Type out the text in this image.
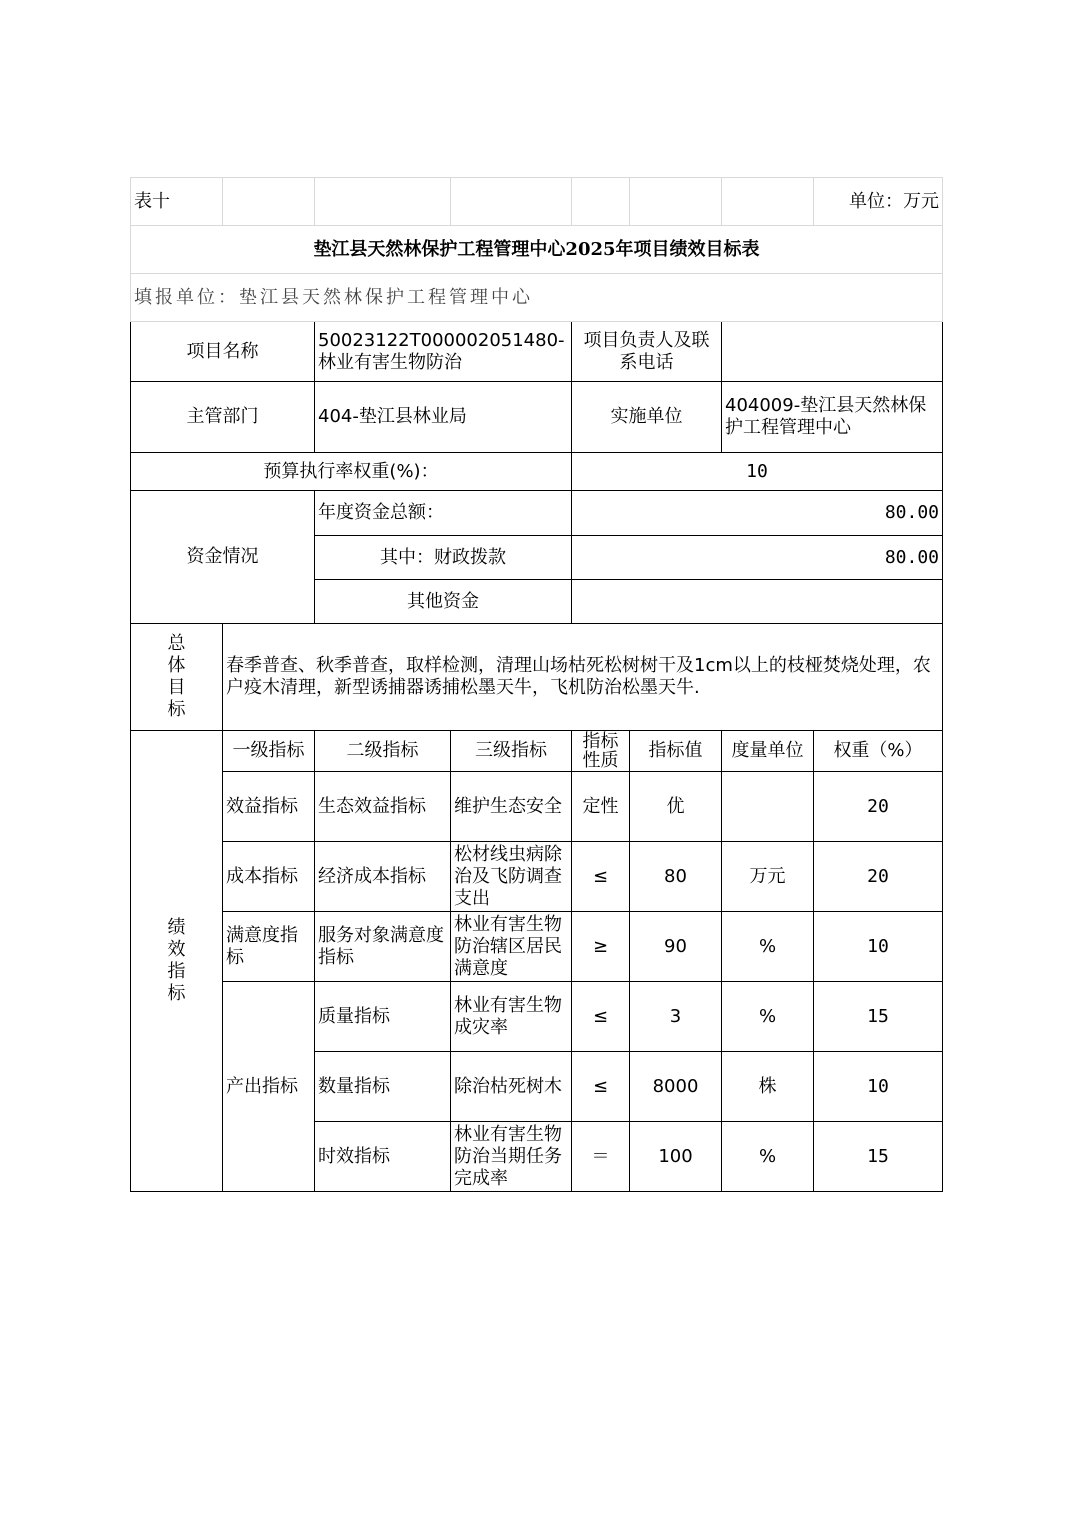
表十							单位：万元
垫江县天然林保护工程管理中心2025年项目绩效目标表							
填报单位：垫江县天然林保护工程管理中心							
项目名称		50023122T000002051480-林业有害生物防治		项目负责人及联系电话			
主管部门		404-垫江县林业局		实施单位		404009-垫江县天然林保护工程管理中心	
预算执行率权重(%)：				10			
资金情况		年度资金总额：		80.00			
		其中：财政拨款		80.00			
		其他资金					

总
体
目
标	春季普查、秋季普查，取样检测，清理山场枯死松树树干及1cm以上的枝桠焚烧处理，农户疫木清理，新型诱捕器诱捕松墨天牛，飞机防治松墨天牛.						

绩
效
指
标	一级指标	二级指标	三级指标	指标性质	指标值	度量单位	权重（%）
	效益指标	生态效益指标	维护生态安全	定性	优		20
	成本指标	经济成本指标	松材线虫病除治及飞防调查支出	≤	80	万元	20
	满意度指标	服务对象满意度指标	林业有害生物防治辖区居民满意度	≥	90	%	10
	产出指标	质量指标	林业有害生物成灾率	≤	3	%	15
		数量指标	除治枯死树木	≤	8000	株	10
		时效指标	林业有害生物防治当期任务完成率	＝	100	%	15
